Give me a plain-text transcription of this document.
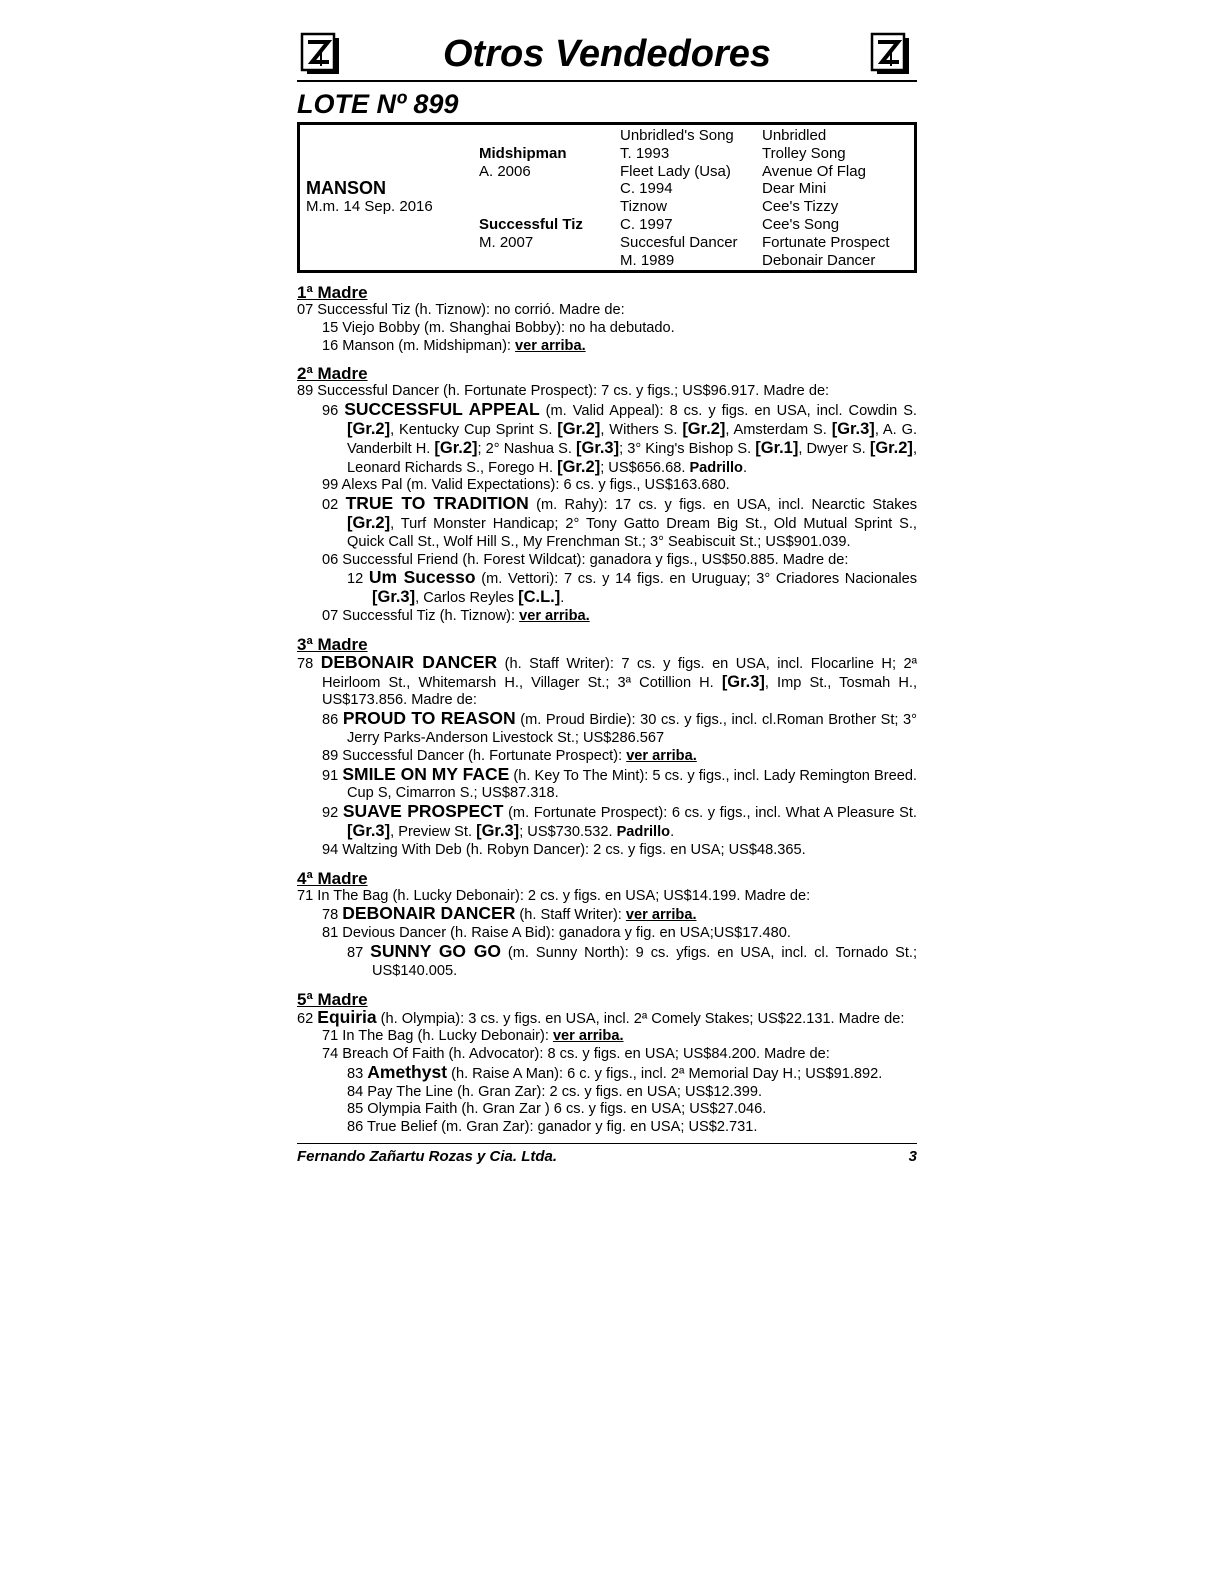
Otros Vendedores
LOTE Nº 899
MANSON
M.m. 14 Sep. 2016
Midshipman
A. 2006
Successful Tiz
M. 2007
Unbridled's Song
T. 1993
Fleet Lady (Usa)
C. 1994
Tiznow
C. 1997
Succesful Dancer
M. 1989
Unbridled
Trolley Song
Avenue Of Flag
Dear Mini
Cee's Tizzy
Cee's Song
Fortunate Prospect
Debonair Dancer
1ª Madre
07 Successful Tiz (h. Tiznow): no corrió. Madre de:
15 Viejo Bobby (m. Shanghai Bobby): no ha debutado.
16 Manson (m. Midshipman): ver arriba.
2ª Madre
89 Successful Dancer (h. Fortunate Prospect): 7 cs. y figs.; US$96.917. Madre de:
96 SUCCESSFUL APPEAL (m. Valid Appeal): 8 cs. y figs. en USA, incl. Cowdin S. [Gr.2], Kentucky Cup Sprint S. [Gr.2], Withers S. [Gr.2], Amsterdam S. [Gr.3], A. G. Vanderbilt H. [Gr.2]; 2° Nashua S. [Gr.3]; 3° King's Bishop S. [Gr.1], Dwyer S. [Gr.2], Leonard Richards S., Forego H. [Gr.2]; US$656.68. Padrillo.
99 Alexs Pal (m. Valid Expectations): 6 cs. y figs., US$163.680.
02 TRUE TO TRADITION (m. Rahy): 17 cs. y figs. en USA, incl. Nearctic Stakes [Gr.2], Turf Monster Handicap; 2° Tony Gatto Dream Big St., Old Mutual Sprint S., Quick Call St., Wolf Hill S., My Frenchman St.; 3° Seabiscuit St.; US$901.039.
06 Successful Friend (h. Forest Wildcat): ganadora y figs., US$50.885. Madre de:
12 Um Sucesso (m. Vettori): 7 cs. y 14 figs. en Uruguay; 3° Criadores Nacionales [Gr.3], Carlos Reyles [C.L.].
07 Successful Tiz (h. Tiznow): ver arriba.
3ª Madre
78 DEBONAIR DANCER (h. Staff Writer): 7 cs. y figs. en USA, incl. Flocarline H; 2ª Heirloom St., Whitemarsh H., Villager St.; 3ª Cotillion H. [Gr.3], Imp St., Tosmah H., US$173.856. Madre de:
86 PROUD TO REASON (m. Proud Birdie): 30 cs. y figs., incl. cl.Roman Brother St; 3° Jerry Parks-Anderson Livestock St.; US$286.567
89 Successful Dancer (h. Fortunate Prospect): ver arriba.
91 SMILE ON MY FACE (h. Key To The Mint): 5 cs. y figs., incl. Lady Remington Breed. Cup S, Cimarron S.; US$87.318.
92 SUAVE PROSPECT (m. Fortunate Prospect): 6 cs. y figs., incl. What A Pleasure St. [Gr.3], Preview St. [Gr.3]; US$730.532. Padrillo.
94 Waltzing With Deb (h. Robyn Dancer): 2 cs. y figs. en USA; US$48.365.
4ª Madre
71 In The Bag (h. Lucky Debonair): 2 cs. y figs. en USA; US$14.199. Madre de:
78 DEBONAIR DANCER (h. Staff Writer): ver arriba.
81 Devious Dancer (h. Raise A Bid): ganadora y fig. en USA;US$17.480.
87 SUNNY GO GO (m. Sunny North): 9 cs. yfigs. en USA, incl. cl. Tornado St.; US$140.005.
5ª Madre
62 Equiria (h. Olympia): 3 cs. y figs. en USA, incl. 2ª Comely Stakes; US$22.131. Madre de:
71 In The Bag (h. Lucky Debonair): ver arriba.
74 Breach Of Faith (h. Advocator): 8 cs. y figs. en USA; US$84.200. Madre de:
83 Amethyst (h. Raise A Man): 6 c. y figs., incl. 2ª Memorial Day H.; US$91.892.
84 Pay The Line (h. Gran Zar): 2 cs. y figs. en USA; US$12.399.
85 Olympia Faith (h. Gran Zar ) 6 cs. y figs. en USA; US$27.046.
86 True Belief (m. Gran Zar): ganador y fig. en USA; US$2.731.
Fernando Zañartu Rozas y Cia. Ltda.	3
